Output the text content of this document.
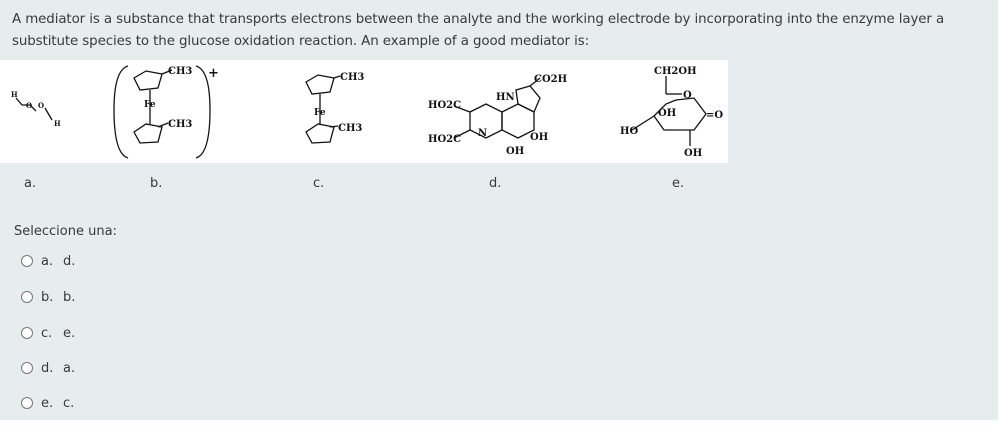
A mediator is a substance that transports electrons between the analyte and the working electrode by incorporating into the enzyme layer a substitute species to the glucose oxidation reaction. An example of a good mediator is:
H
O O
H
CH3
Fe
CH3
+	CH3
Fe
CH3
HN
CO2H
HO2C
HO2C
N	OH
OH
CH2OH
O
OH	=O
HO
OH
a.	b.	c.	d.	e.
Seleccione una:
a. d.
b. b.
c. e.
d. a.
e. c.
